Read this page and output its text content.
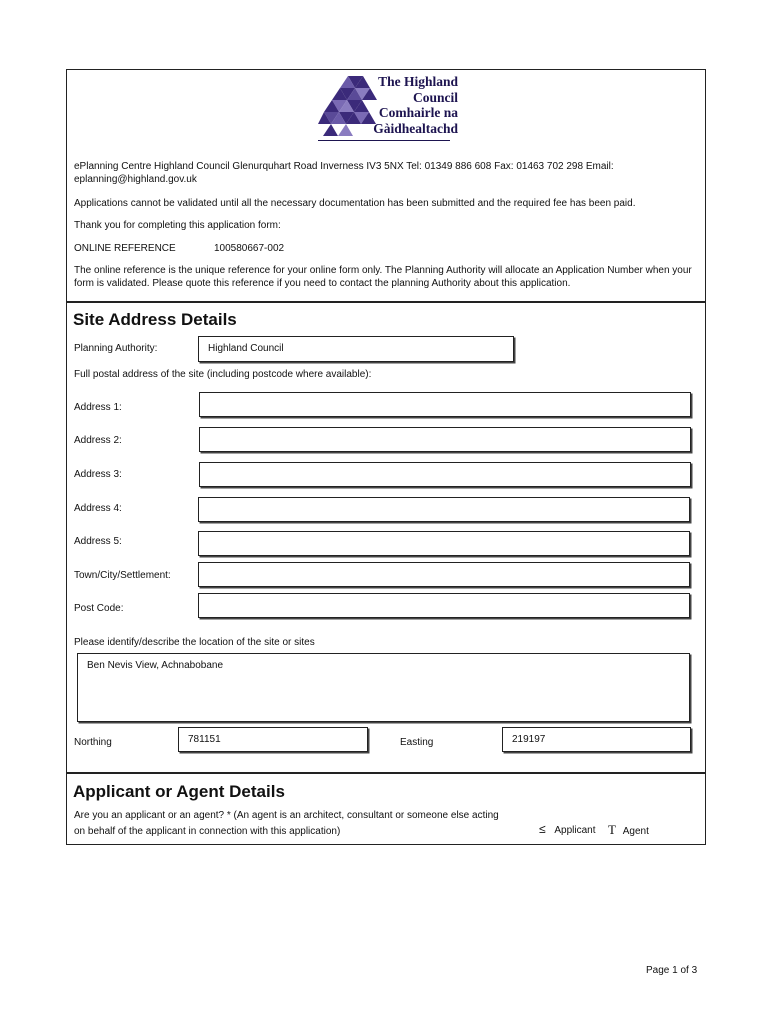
The Highland
Council
Comhairle na
Gàidhealtachd
ePlanning Centre Highland Council Glenurquhart Road Inverness IV3 5NX Tel: 01349 886 608 Fax: 01463 702 298 Email: eplanning@highland.gov.uk
Applications cannot be validated until all the necessary documentation has been submitted and the required fee has been paid.
Thank you for completing this application form:
ONLINE REFERENCE	100580667-002
The online reference is the unique reference for your online form only. The Planning Authority will allocate an Application Number when your form is validated. Please quote this reference if you need to contact the planning Authority about this application.
Site Address Details
Planning Authority:	Highland Council
Full postal address of the site (including postcode where available):
Address 1:
Address 2:
Address 3:
Address 4:
Address 5:
Town/City/Settlement:
Post Code:
Please identify/describe the location of the site or sites
Ben Nevis View, Achnabobane
Northing	781151	Easting	219197
Applicant or Agent Details
Are you an applicant or an agent? * (An agent is an architect, consultant or someone else acting
on behalf of the applicant in connection with this application)	≤ Applicant T Agent
Page 1 of 3
